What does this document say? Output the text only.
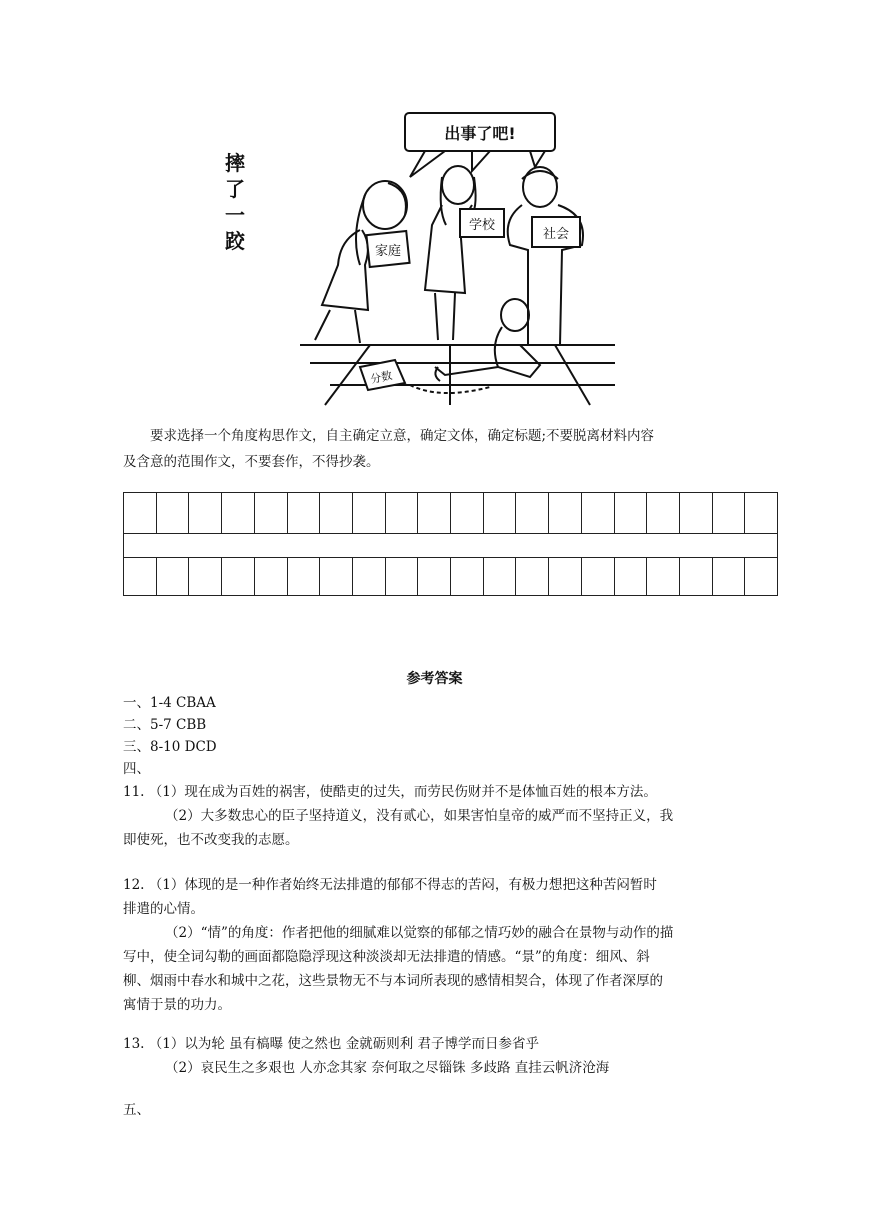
摔
了
一
跤
出事了吧!
家庭
学校
社会
分数
要求选择一个角度构思作文，自主确定立意，确定文体，确定标题;不要脱离材料内容
及含意的范围作文，不要套作，不得抄袭。
参考答案
一、1-4 CBAA
二、5-7 CBB
三、8-10 DCD
四、
11. （1）现在成为百姓的祸害，使酷吏的过失，而劳民伤财并不是体恤百姓的根本方法。
（2）大多数忠心的臣子坚持道义，没有贰心，如果害怕皇帝的威严而不坚持正义，我
即使死，也不改变我的志愿。
12. （1）体现的是一种作者始终无法排遣的郁郁不得志的苦闷，有极力想把这种苦闷暂时
排遣的心情。
（2）“情”的角度：作者把他的细腻难以觉察的郁郁之情巧妙的融合在景物与动作的描
写中，使全词勾勒的画面都隐隐浮现这种淡淡却无法排遣的情感。“景”的角度：细风、斜
柳、烟雨中春水和城中之花，这些景物无不与本词所表现的感情相契合，体现了作者深厚的
寓情于景的功力。
13. （1）以为轮 虽有槁曝 使之然也 金就砺则利 君子博学而日参省乎
（2）哀民生之多艰也 人亦念其家 奈何取之尽锱铢 多歧路 直挂云帆济沧海
五、
